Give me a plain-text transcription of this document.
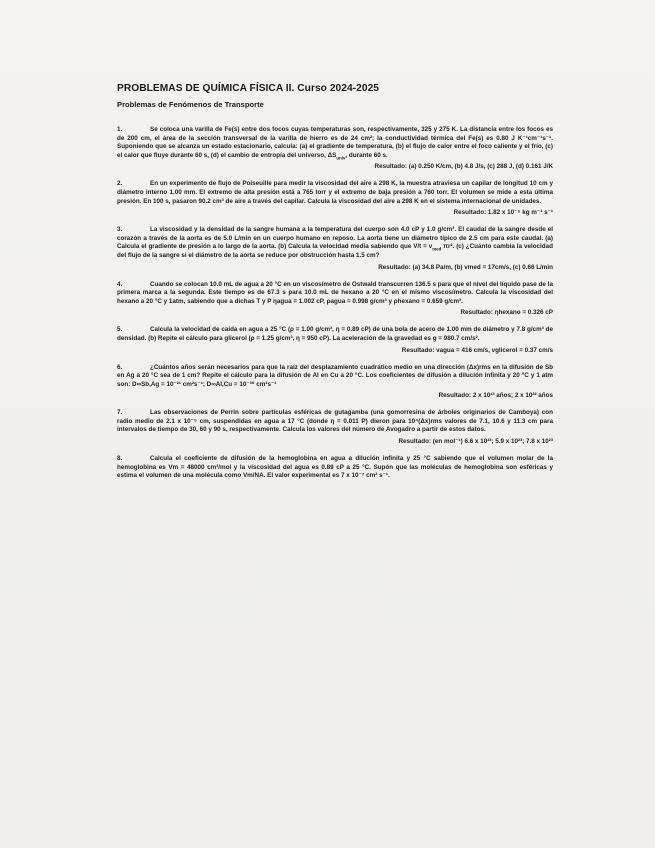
PROBLEMAS DE QUÍMICA FÍSICA II. Curso 2024-2025
Problemas de Fenómenos de Transporte

1.	Se coloca una varilla de Fe(s) entre dos focos cuyas temperaturas son, respectivamente, 325 y 275 K. La distancia entre los focos es de 200 cm, el área de la sección transversal de la varilla de hierro es de 24 cm²; la conductividad térmica del Fe(s) es 0.80 J K⁻¹cm⁻¹s⁻¹. Suponiendo que se alcanza un estado estacionario, calcula: (a) el gradiente de temperatura, (b) el flujo de calor entre el foco caliente y el frío, (c) el calor que fluye durante 60 s, (d) el cambio de entropía del universo, $\Delta S_{univ}$, durante 60 s.

Resultado: (a) 0.250 K/cm, (b) 4.8 J/s, (c) 288 J, (d) 0.161 J/K

2.	En un experimento de flujo de Poiseuille para medir la viscosidad del aire a 298 K, la muestra atraviesa un capilar de longitud 10 cm y diámetro interno 1.00 mm. El extremo de alta presión está a 765 torr y el extremo de baja presión a 760 torr. El volumen se mide a esta última presión. En 100 s, pasaron 90.2 cm³ de aire a través del capilar. Calcula la viscosidad del aire a 298 K en el sistema internacional de unidades.

Resultado: 1.82 x 10⁻⁵ kg m⁻¹ s⁻¹

3.	La viscosidad y la densidad de la sangre humana a la temperatura del cuerpo son 4.0 cP y 1.0 g/cm³. El caudal de la sangre desde el corazón a través de la aorta es de 5.0 L/min en un cuerpo humano en reposo. La aorta tiene un diámetro típico de 2.5 cm para este caudal. (a) Calcula el gradiente de presión a lo largo de la aorta. (b) Calcula la velocidad media sabiendo que $V/t = v_{med}$ πr². (c) ¿Cuánto cambia la velocidad del flujo de la sangre si el diámetro de la aorta se reduce por obstrucción hasta 1.5 cm?

Resultado: (a) 34.8 Pa/m, (b) vmed = 17cm/s, (c) 0.66 L/min

4.	Cuando se colocan 10.0 mL de agua a 20 °C en un viscosímetro de Ostwald transcurren 136.5 s para que el nivel del líquido pase de la primera marca a la segunda. Este tiempo es de 67.3 s para 10.0 mL de hexano a 20 °C en el mismo viscosímetro. Calcula la viscosidad del hexano a 20 °C y 1atm, sabiendo que a dichas T y P ηagua = 1.002 cP, ρagua = 0.998 g/cm³ y ρhexano = 0.659 g/cm³.

Resultado: ηhexano = 0.326 cP

5.	Calcula la velocidad de caída en agua a 25 °C (ρ = 1.00 g/cm³, η = 0.89 cP) de una bola de acero de 1.00 mm de diámetro y 7.8 g/cm³ de densidad. (b) Repite el cálculo para glicerol (ρ = 1.25 g/cm³, η = 950 cP). La aceleración de la gravedad es g = 980.7 cm/s².

Resultado: vagua = 416 cm/s, vglicerol = 0.37 cm/s

6.	¿Cuántos años serán necesarios para que la raíz del desplazamiento cuadrático medio en una dirección (Δx)rms en la difusión de Sb en Ag a 20 °C sea de 1 cm? Repite el cálculo para la difusión de Al en Cu a 20 °C. Los coeficientes de difusión a dilución infinita y 20 °C y 1 atm son: D∞Sb,Ag = 10⁻²¹ cm²s⁻¹; D∞Al,Cu = 10⁻³⁰ cm²s⁻¹

Resultado: 2 x 10¹³ años; 2 x 10²² años

7.	Las observaciones de Perrin sobre partículas esféricas de gutagamba (una gomorresina de árboles originarios de Camboya) con radio medio de 2.1 x 10⁻⁵ cm, suspendidas en agua a 17 °C (donde η = 0.011 P) dieron para 10⁴(Δx)rms valores de 7.1, 10.6 y 11.3 cm para intervalos de tiempo de 30, 60 y 90 s, respectivamente. Calcula los valores del número de Avogadro a partir de estos datos.

Resultado: (en mol⁻¹) 6.6 x 10²³; 5.9 x 10²³; 7.8 x 10²³

8.	Calcula el coeficiente de difusión de la hemoglobina en agua a dilución infinita y 25 °C sabiendo que el volumen molar de la hemoglobina es Vm = 48000 cm³/mol y la viscosidad del agua es 0.89 cP a 25 °C. Supón que las moléculas de hemoglobina son esféricas y estima el volumen de una molécula como Vm/NA. El valor experimental es 7 x 10⁻⁷ cm² s⁻¹.
